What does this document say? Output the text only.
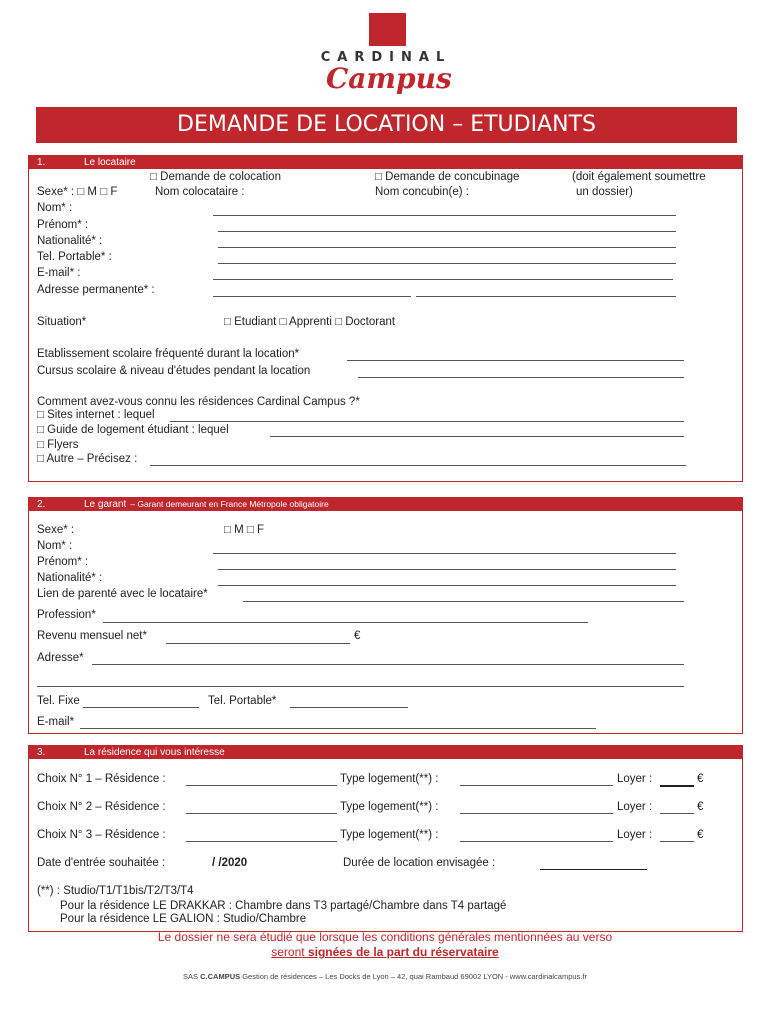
CARDINAL
Campus
DEMANDE DE LOCATION – ETUDIANTS
1.	Le locataire
□ Demande de colocation
Nom colocataire :
□ Demande de concubinage
Nom concubin(e) :
(doit également soumettre
un dossier)
Sexe* : □ M □ F
Nom* :
Prénom* :
Nationalité* :
Tel. Portable* :
E-mail* :
Adresse permanente* :
Situation*	□ Etudiant □ Apprenti □ Doctorant
Etablissement scolaire fréquenté durant la location*
Cursus scolaire & niveau d'études pendant la location
Comment avez-vous connu les résidences Cardinal Campus ?*
□ Sites internet : lequel
□ Guide de logement étudiant : lequel
□ Flyers
□ Autre – Précisez :
2.	Le garant – Garant demeurant en France Métropole obligatoire
Sexe* :	□ M □ F
Nom* :
Prénom* :
Nationalité* :
Lien de parenté avec le locataire*
Profession*
Revenu mensuel net*	€
Adresse*
Tel. Fixe	Tel. Portable*
E-mail*
3.	La résidence qui vous intéresse
Choix N° 1 – Résidence :	Type logement(**) :	Loyer :	€
Choix N° 2 – Résidence :	Type logement(**) :	Loyer :	€
Choix N° 3 – Résidence :	Type logement(**) :	Loyer :	€
Date d'entrée souhaitée :	/ /2020	Durée de location envisagée :
(**) : Studio/T1/T1bis/T2/T3/T4
Pour la résidence LE DRAKKAR : Chambre dans T3 partagé/Chambre dans T4 partagé
Pour la résidence LE GALION : Studio/Chambre
Le dossier ne sera étudié que lorsque les conditions générales mentionnées au verso
seront signées de la part du réservataire
SAS C.CAMPUS Gestion de résidences – Les Docks de Lyon – 42, quai Rambaud 69002 LYON - www.cardinalcampus.fr
